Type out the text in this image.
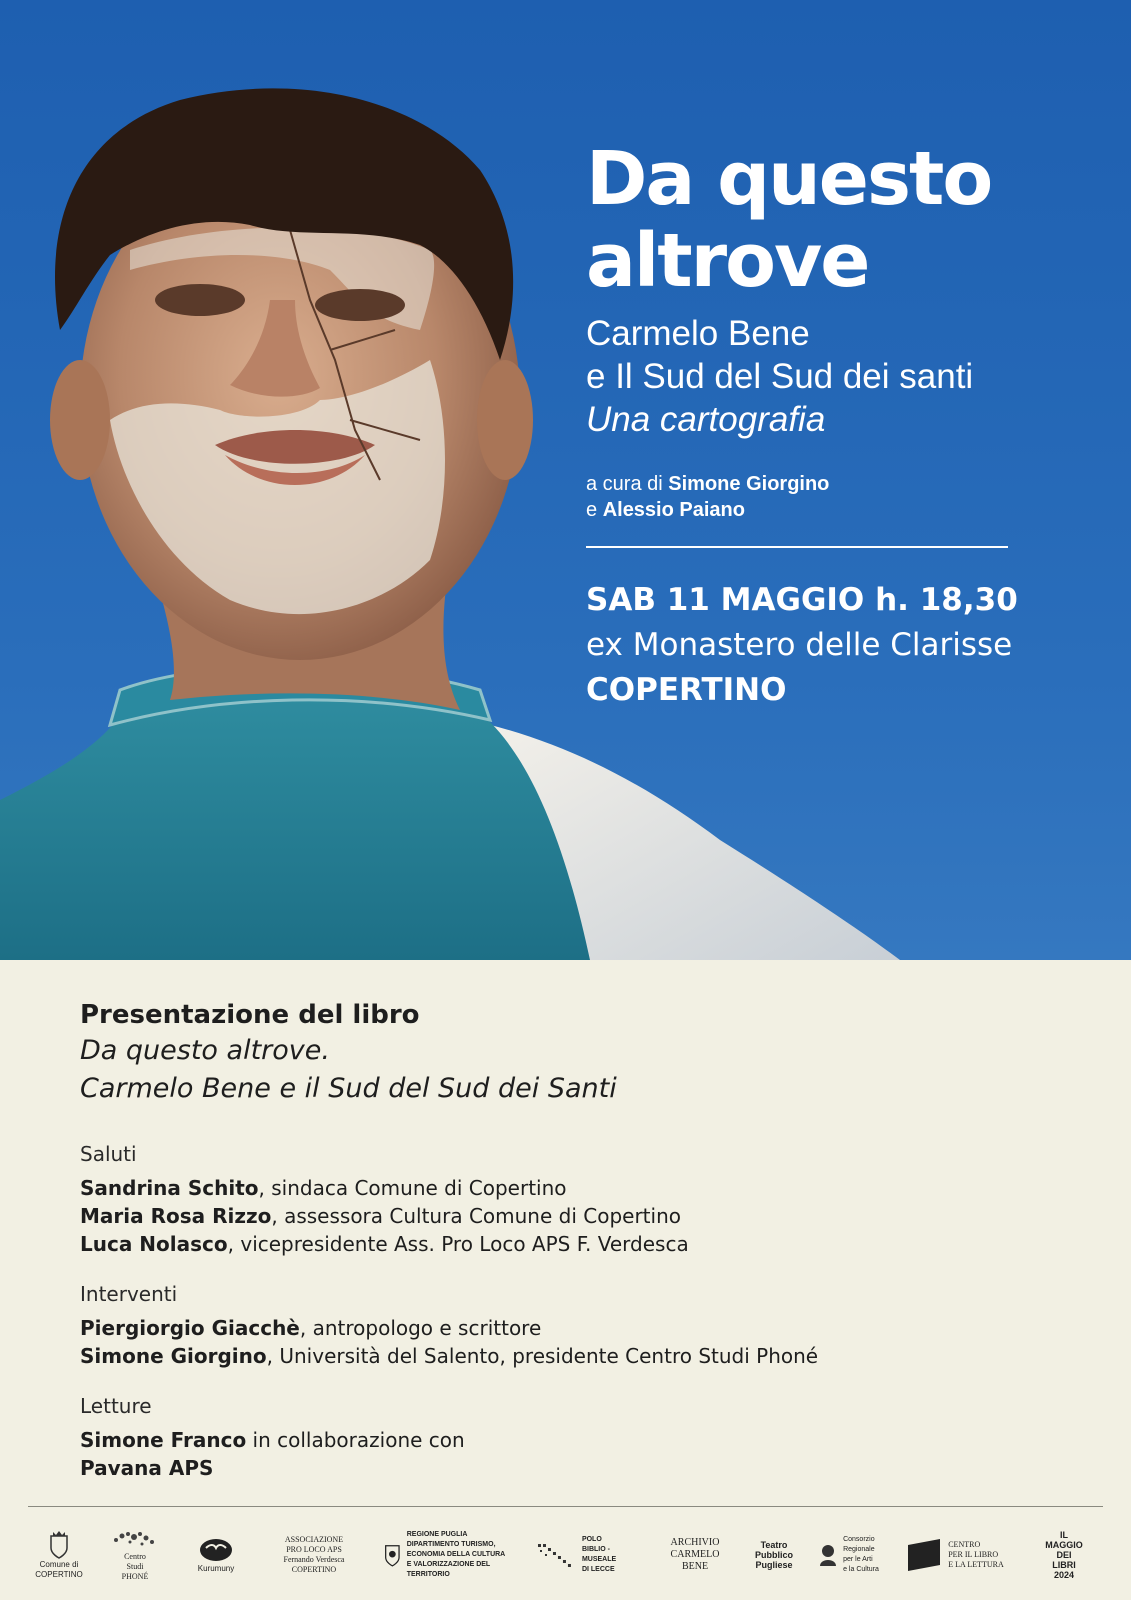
Da questo
altrove
Carmelo Bene
e Il Sud del Sud dei santi
Una cartografia
a cura di Simone Giorgino
e Alessio Paiano
SAB 11 MAGGIO h. 18,30
ex Monastero delle Clarisse
COPERTINO
Presentazione del libro
Da questo altrove.
Carmelo Bene e il Sud del Sud dei Santi
Saluti
Sandrina Schito, sindaca Comune di Copertino
Maria Rosa Rizzo, assessora Cultura Comune di Copertino
Luca Nolasco, vicepresidente Ass. Pro Loco APS F. Verdesca
Interventi
Piergiorgio Giacchè, antropologo e scrittore
Simone Giorgino, Università del Salento, presidente Centro Studi Phoné
Letture
Simone Franco in collaborazione con
Pavana APS
Comune di
COPERTINO
Centro
Studi
PHONÉ
Kurumuny
ASSOCIAZIONE
PRO LOCO APS
Fernando Verdesca
COPERTINO
REGIONE PUGLIA
DIPARTIMENTO TURISMO,
ECONOMIA DELLA CULTURA
E VALORIZZAZIONE DEL TERRITORIO
POLO
BIBLIO - MUSEALE
DI LECCE
ARCHIVIO
CARMELO
BENE
Teatro
Pubblico
Pugliese
Consorzio
Regionale
per le Arti
e la Cultura
CENTRO
PER IL LIBRO
E LA LETTURA
IL
MAGGIO
DEI
LIBRI
2024
